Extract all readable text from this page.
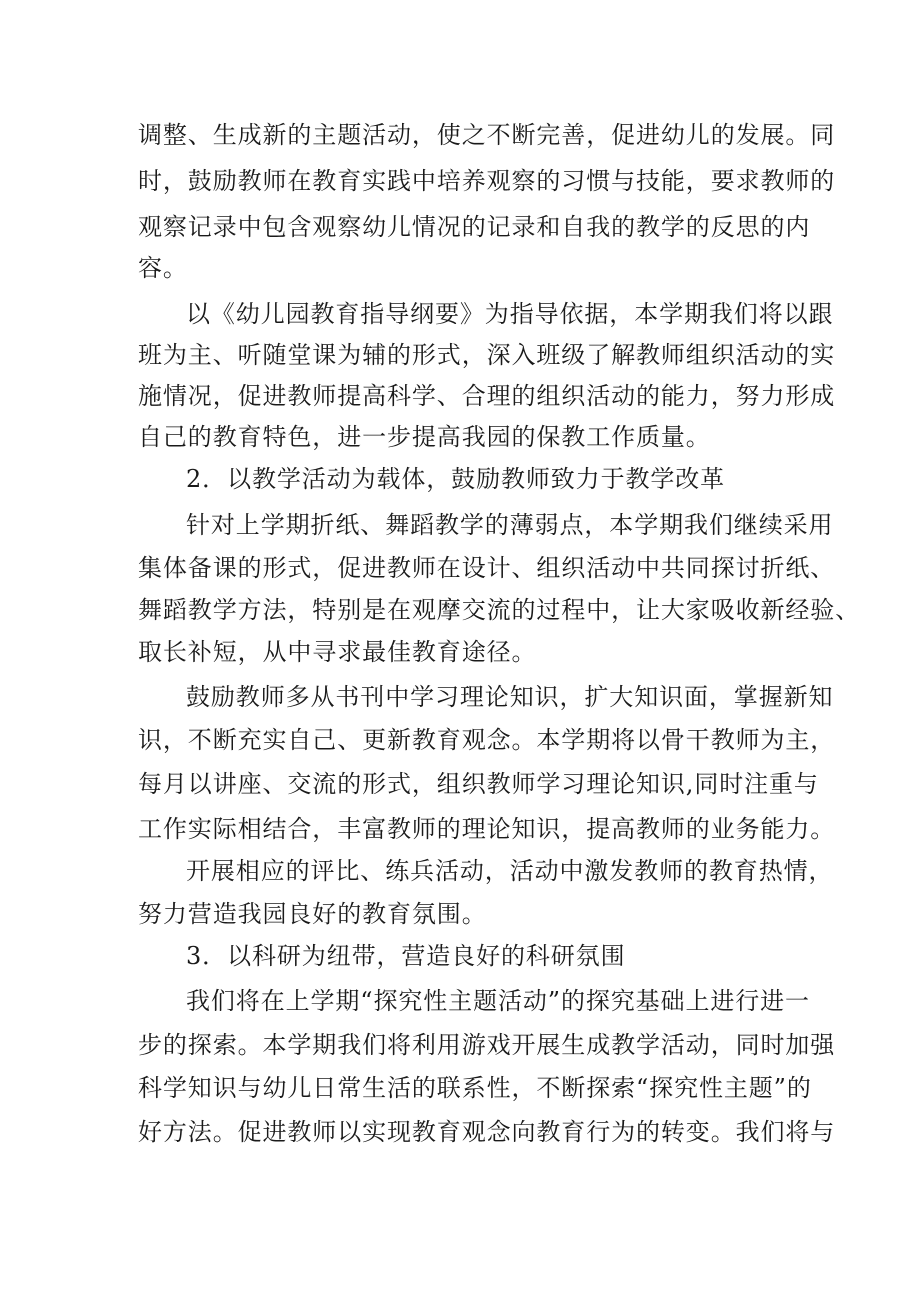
调整、生成新的主题活动，使之不断完善，促进幼儿的发展。同
时，鼓励教师在教育实践中培养观察的习惯与技能，要求教师的
观察记录中包含观察幼儿情况的记录和自我的教学的反思的内
容。
以《幼儿园教育指导纲要》为指导依据，本学期我们将以跟
班为主、听随堂课为辅的形式，深入班级了解教师组织活动的实
施情况，促进教师提高科学、合理的组织活动的能力，努力形成
自己的教育特色，进一步提高我园的保教工作质量。
2．以教学活动为载体，鼓励教师致力于教学改革
针对上学期折纸、舞蹈教学的薄弱点，本学期我们继续采用
集体备课的形式，促进教师在设计、组织活动中共同探讨折纸、
舞蹈教学方法，特别是在观摩交流的过程中，让大家吸收新经验、
取长补短，从中寻求最佳教育途径。
鼓励教师多从书刊中学习理论知识，扩大知识面，掌握新知
识，不断充实自己、更新教育观念。本学期将以骨干教师为主，
每月以讲座、交流的形式，组织教师学习理论知识,同时注重与
工作实际相结合，丰富教师的理论知识，提高教师的业务能力。
开展相应的评比、练兵活动，活动中激发教师的教育热情，
努力营造我园良好的教育氛围。
3．以科研为纽带，营造良好的科研氛围
我们将在上学期“探究性主题活动”的探究基础上进行进一
步的探索。本学期我们将利用游戏开展生成教学活动，同时加强
科学知识与幼儿日常生活的联系性，不断探索“探究性主题”的
好方法。促进教师以实现教育观念向教育行为的转变。我们将与
